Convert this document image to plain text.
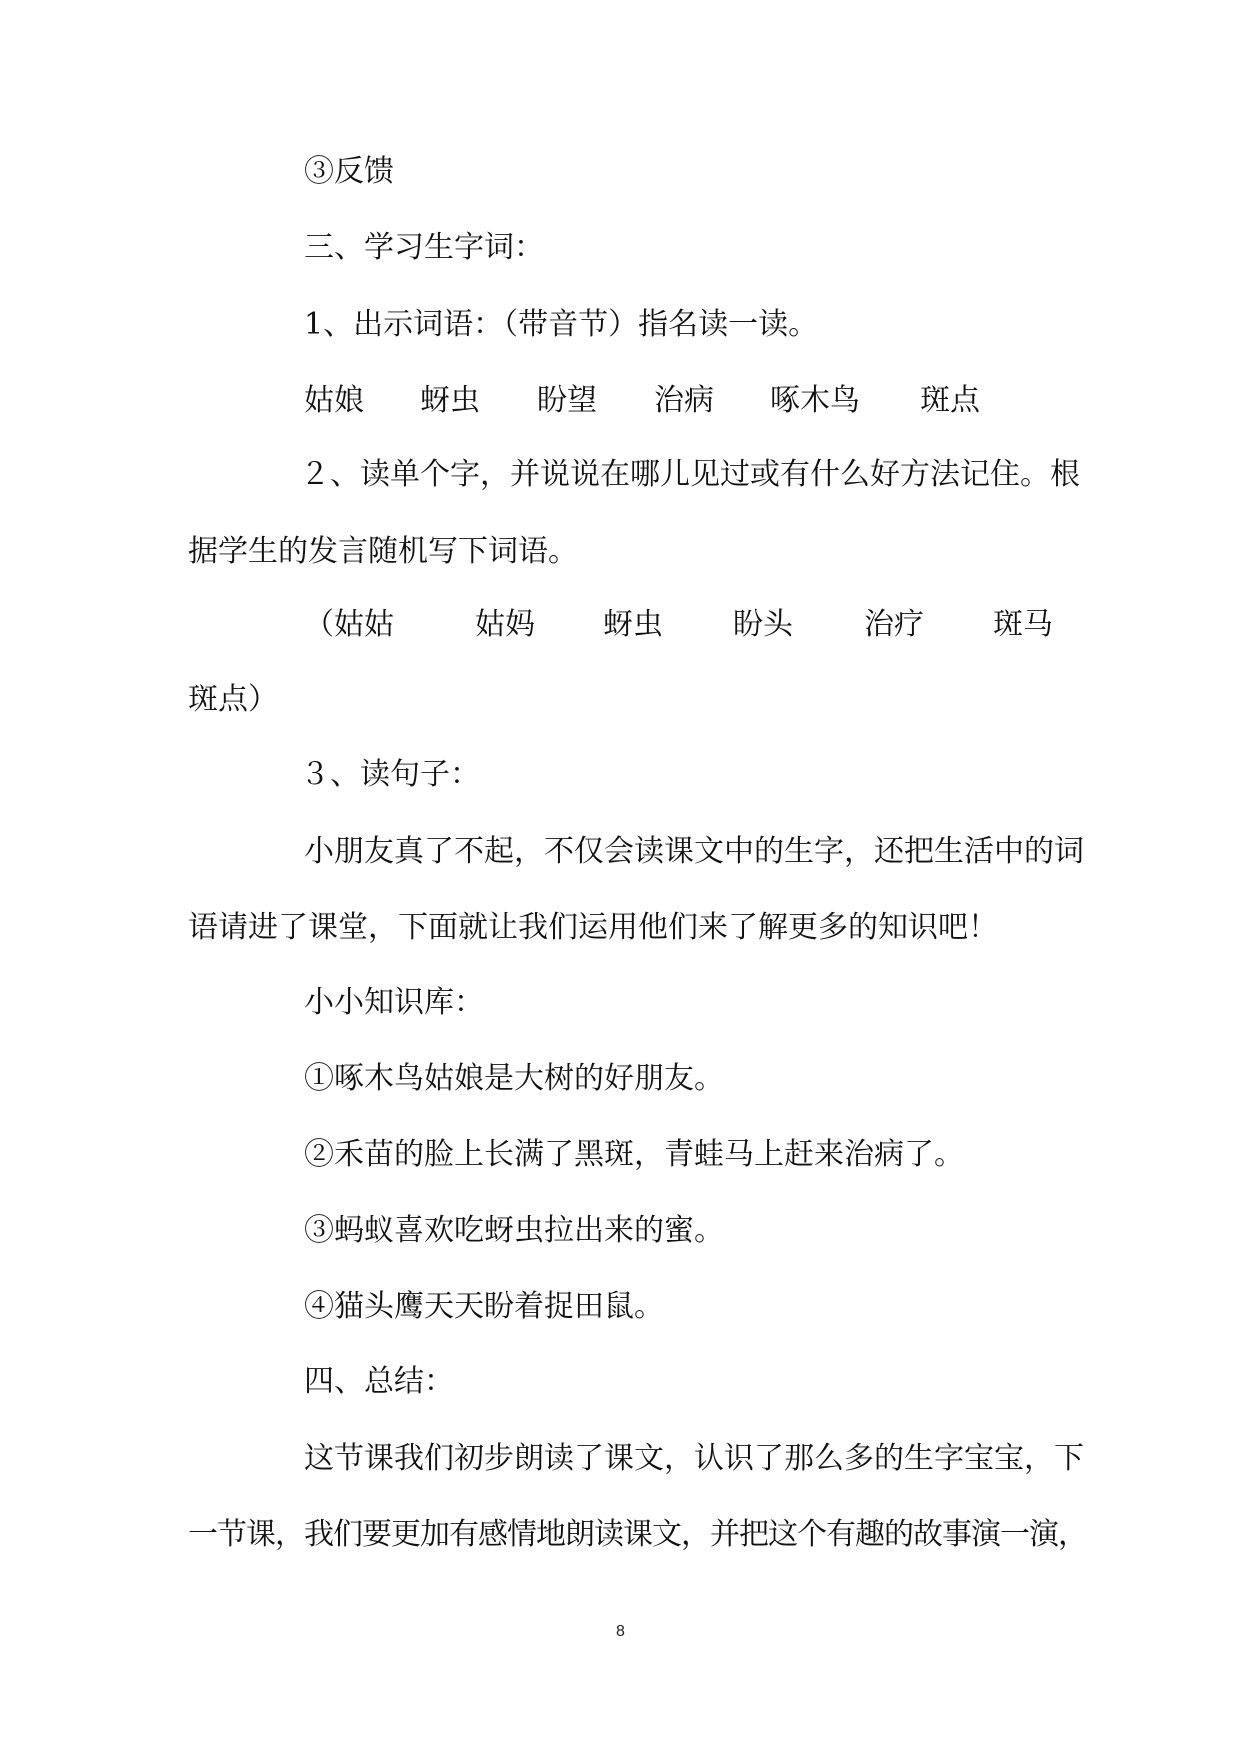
③反馈
三、学习生字词：
1、出示词语：（带音节）指名读一读。
姑娘 蚜虫 盼望 治病 啄木鸟 斑点
２、读单个字，并说说在哪儿见过或有什么好方法记住。根
据学生的发言随机写下词语。
（姑姑	姑妈 蚜虫 盼头 治疗 斑马
斑点）
３、读句子：
小朋友真了不起，不仅会读课文中的生字，还把生活中的词
语请进了课堂，下面就让我们运用他们来了解更多的知识吧！
小小知识库：
①啄木鸟姑娘是大树的好朋友。
②禾苗的脸上长满了黑斑，青蛙马上赶来治病了。
③蚂蚁喜欢吃蚜虫拉出来的蜜。
④猫头鹰天天盼着捉田鼠。
四、总结：
这节课我们初步朗读了课文，认识了那么多的生字宝宝，下
一节课，我们要更加有感情地朗读课文，并把这个有趣的故事演一演，
8
